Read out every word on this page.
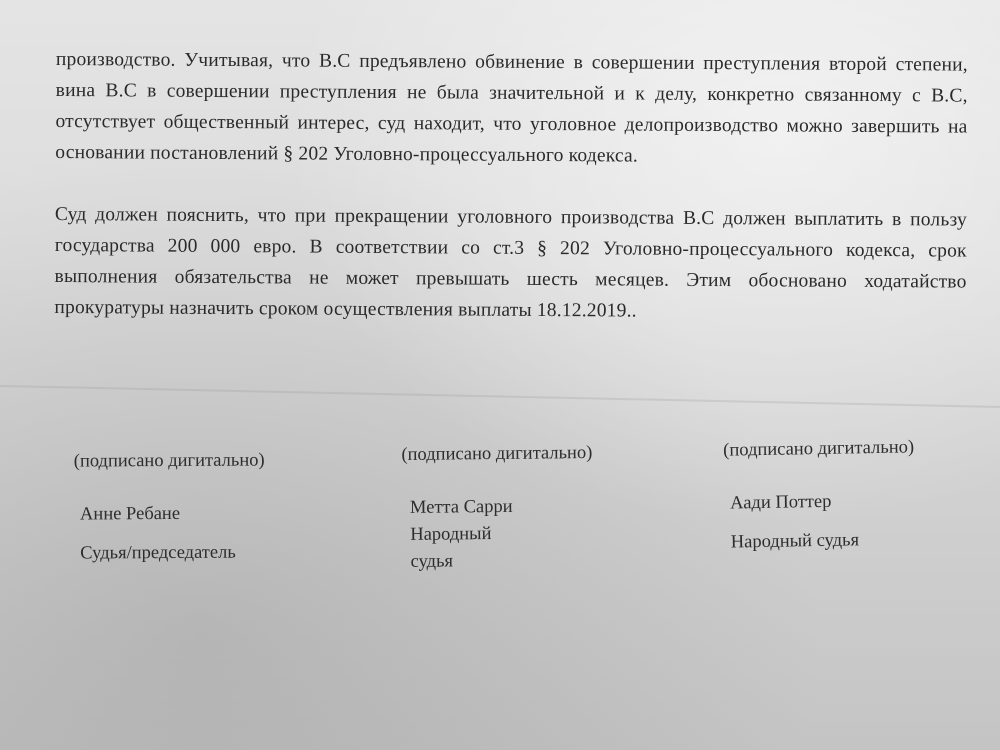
производство. Учитывая, что В.С предъявлено обвинение в совершении преступления второй степени, вина В.С в совершении преступления не была значительной и к делу, конкретно связанному с В.С, отсутствует общественный интерес, суд находит, что уголовное делопроизводство можно завершить на основании постановлений § 202 Уголовно-процессуального кодекса.

Суд должен пояснить, что при прекращении уголовного производства В.С должен выплатить в пользу государства 200 000 евро. В соответствии со ст.3 § 202 Уголовно-процессуального кодекса, срок выполнения обязательства не может превышать шесть месяцев. Этим обосновано ходатайство прокуратуры назначить сроком осуществления выплаты 18.12.2019..

(подписано дигитально)
Анне Ребане
Судья/председатель
(подписано дигитально)
Метта Сарри
Народный судья
(подписано дигитально)
Аади Поттер
Народный судья
